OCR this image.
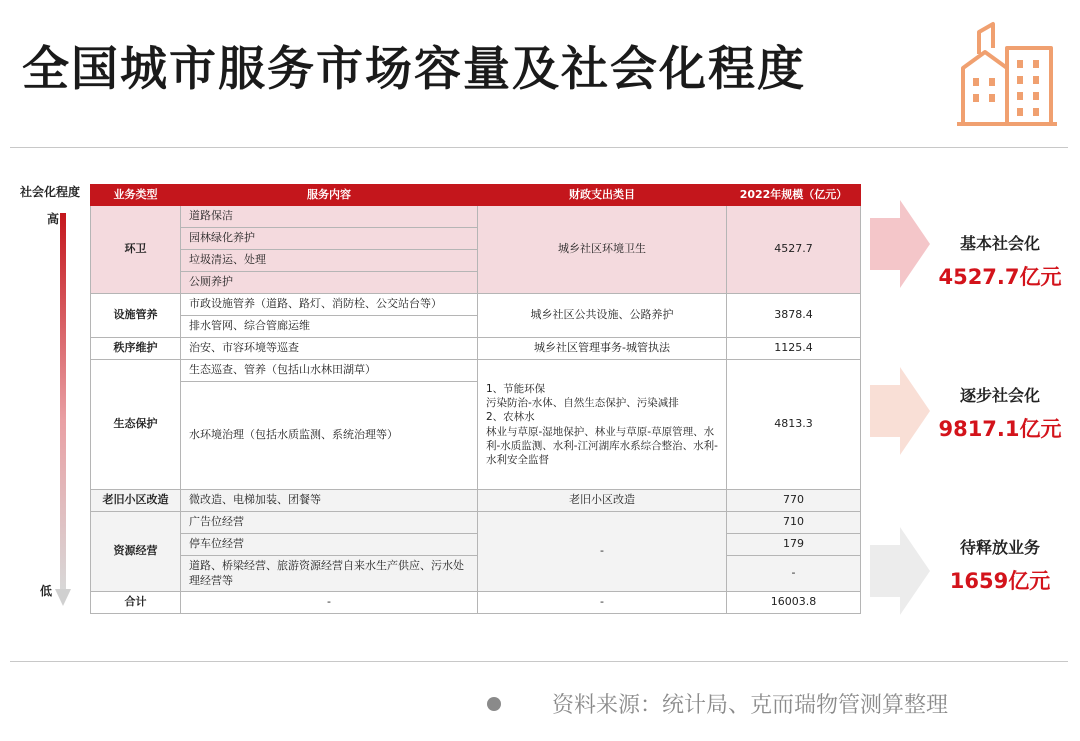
全国城市服务市场容量及社会化程度
社会化程度
高
低
业务类型	服务内容	财政支出类目	2022年规模（亿元）
环卫	道路保洁	城乡社区环境卫生	4527.7
	园林绿化养护		
	垃圾清运、处理		
	公厕养护		
设施管养	市政设施管养（道路、路灯、消防栓、公交站台等）	城乡社区公共设施、公路养护	3878.4
	排水管网、综合管廊运维		
秩序维护	治安、市容环境等巡查	城乡社区管理事务-城管执法	1125.4
生态保护	生态巡查、管养（包括山水林田湖草）	1、节能环保
污染防治-水体、自然生态保护、污染减排
2、农林水
林业与草原-湿地保护、林业与草原-草原管理、水利-水质监测、水利-江河湖库水系综合整治、水利-水利安全监督	4813.3
	水环境治理（包括水质监测、系统治理等）		
老旧小区改造	微改造、电梯加装、团餐等	老旧小区改造	770
资源经营	广告位经营	-	710
	停车位经营		179
	道路、桥梁经营、旅游资源经营自来水生产供应、污水处理经营等		-
合计	-	-	16003.8
基本社会化
4527.7亿元
逐步社会化
9817.1亿元
待释放业务
1659亿元
资料来源：统计局、克而瑞物管测算整理
